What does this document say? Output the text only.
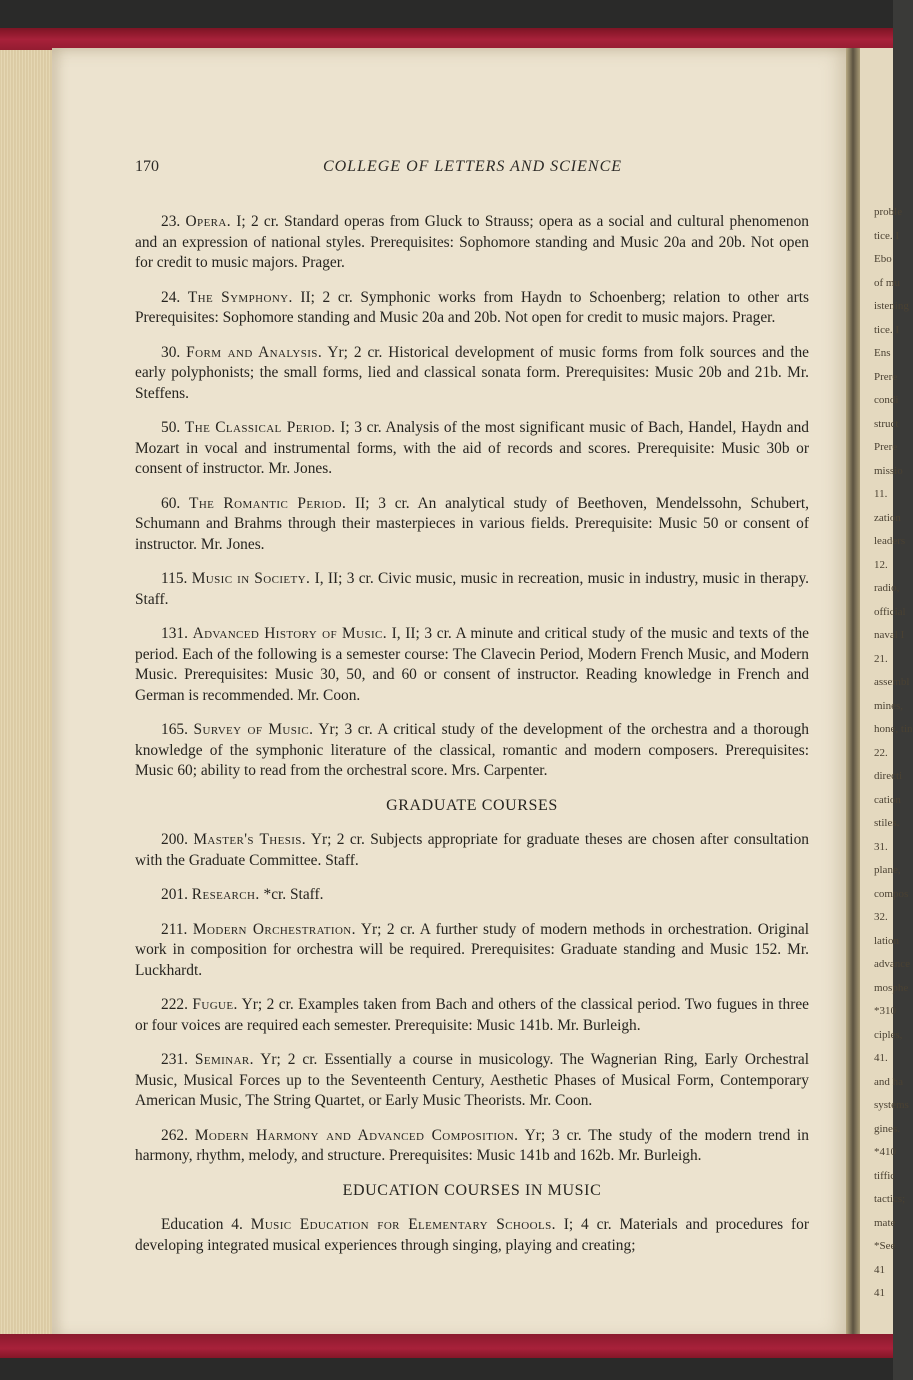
proble
tice. I
Ebo
of mu
istening
tice. I
Ens
Prere
condi
struct
Prere
missio
11.
zation
leaders
12.
radio,
official
naval I
21.
assembl
mines,
hone, tin
22.
directi
cation
stiles.
31.
plane,
compos
32.
lation
advance
mosphe
*310
ciples,
41.
and ha
systems
gines.
*410
tiffic
tactics;
mate
*See
41
41
170	COLLEGE OF LETTERS AND SCIENCE

23. Opera. I; 2 cr. Standard operas from Gluck to Strauss; opera as a social and cultural phenomenon and an expression of national styles. Prerequisites: Sophomore standing and Music 20a and 20b. Not open for credit to music majors. Prager.

24. The Symphony. II; 2 cr. Symphonic works from Haydn to Schoenberg; relation to other arts Prerequisites: Sophomore standing and Music 20a and 20b. Not open for credit to music majors. Prager.

30. Form and Analysis. Yr; 2 cr. Historical development of music forms from folk sources and the early polyphonists; the small forms, lied and classical sonata form. Prerequisites: Music 20b and 21b. Mr. Steffens.

50. The Classical Period. I; 3 cr. Analysis of the most significant music of Bach, Handel, Haydn and Mozart in vocal and instrumental forms, with the aid of records and scores. Prerequisite: Music 30b or consent of instructor. Mr. Jones.

60. The Romantic Period. II; 3 cr. An analytical study of Beethoven, Mendelssohn, Schubert, Schumann and Brahms through their masterpieces in various fields. Prerequisite: Music 50 or consent of instructor. Mr. Jones.

115. Music in Society. I, II; 3 cr. Civic music, music in recreation, music in industry, music in therapy. Staff.

131. Advanced History of Music. I, II; 3 cr. A minute and critical study of the music and texts of the period. Each of the following is a semester course: The Clavecin Period, Modern French Music, and Modern Music. Prerequisites: Music 30, 50, and 60 or consent of instructor. Reading knowledge in French and German is recommended. Mr. Coon.

165. Survey of Music. Yr; 3 cr. A critical study of the development of the orchestra and a thorough knowledge of the symphonic literature of the classical, romantic and modern composers. Prerequisites: Music 60; ability to read from the orchestral score. Mrs. Carpenter.

GRADUATE COURSES

200. Master's Thesis. Yr; 2 cr. Subjects appropriate for graduate theses are chosen after consultation with the Graduate Committee. Staff.

201. Research. *cr. Staff.

211. Modern Orchestration. Yr; 2 cr. A further study of modern methods in orchestration. Original work in composition for orchestra will be required. Prerequisites: Graduate standing and Music 152. Mr. Luckhardt.

222. Fugue. Yr; 2 cr. Examples taken from Bach and others of the classical period. Two fugues in three or four voices are required each semester. Prerequisite: Music 141b. Mr. Burleigh.

231. Seminar. Yr; 2 cr. Essentially a course in musicology. The Wagnerian Ring, Early Orchestral Music, Musical Forces up to the Seventeenth Century, Aesthetic Phases of Musical Form, Contemporary American Music, The String Quartet, or Early Music Theorists. Mr. Coon.

262. Modern Harmony and Advanced Composition. Yr; 3 cr. The study of the modern trend in harmony, rhythm, melody, and structure. Prerequisites: Music 141b and 162b. Mr. Burleigh.

EDUCATION COURSES IN MUSIC

Education 4. Music Education for Elementary Schools. I; 4 cr. Materials and procedures for developing integrated musical experiences through singing, playing and creating;
